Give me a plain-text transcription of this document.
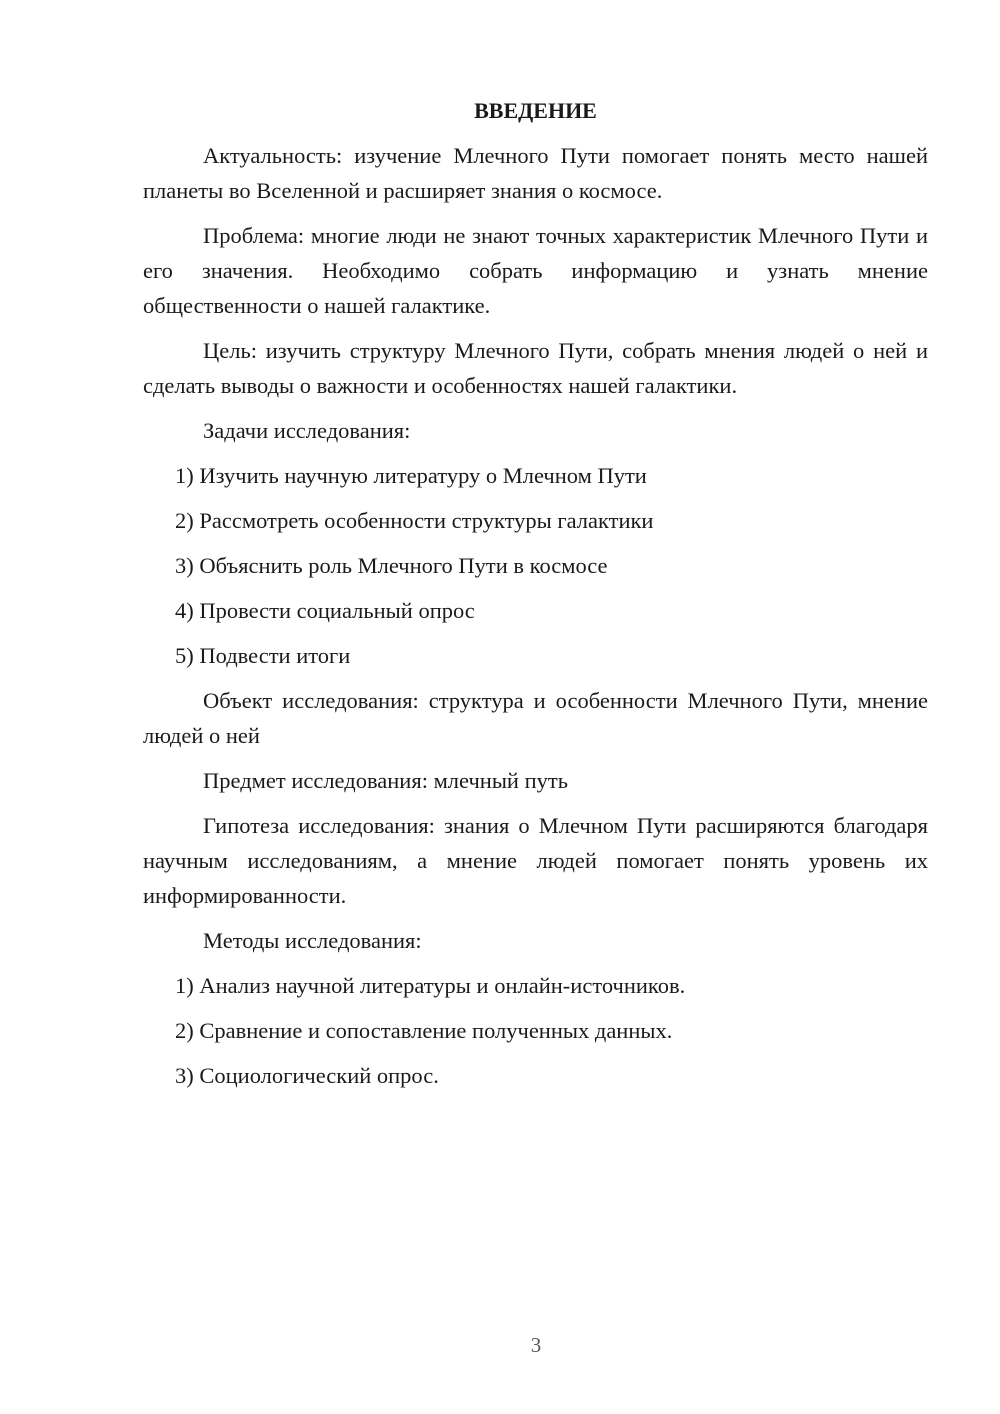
ВВЕДЕНИЕ

Актуальность: изучение Млечного Пути помогает понять место нашей планеты во Вселенной и расширяет знания о космосе.

Проблема: многие люди не знают точных характеристик Млечного Пути и его значения. Необходимо собрать информацию и узнать мнение общественности о нашей галактике.

Цель: изучить структуру Млечного Пути, собрать мнения людей о ней и сделать выводы о важности и особенностях нашей галактики.

Задачи исследования:

1) Изучить научную литературу о Млечном Пути

2) Рассмотреть особенности структуры галактики

3) Объяснить роль Млечного Пути в космосе

4) Провести социальный опрос

5) Подвести итоги

Объект исследования: структура и особенности Млечного Пути, мнение людей о ней

Предмет исследования: млечный путь

Гипотеза исследования: знания о Млечном Пути расширяются благодаря научным исследованиям, а мнение людей помогает понять уровень их информированности.

Методы исследования:

1) Анализ научной литературы и онлайн-источников.

2) Сравнение и сопоставление полученных данных.

3) Социологический опрос.

3
